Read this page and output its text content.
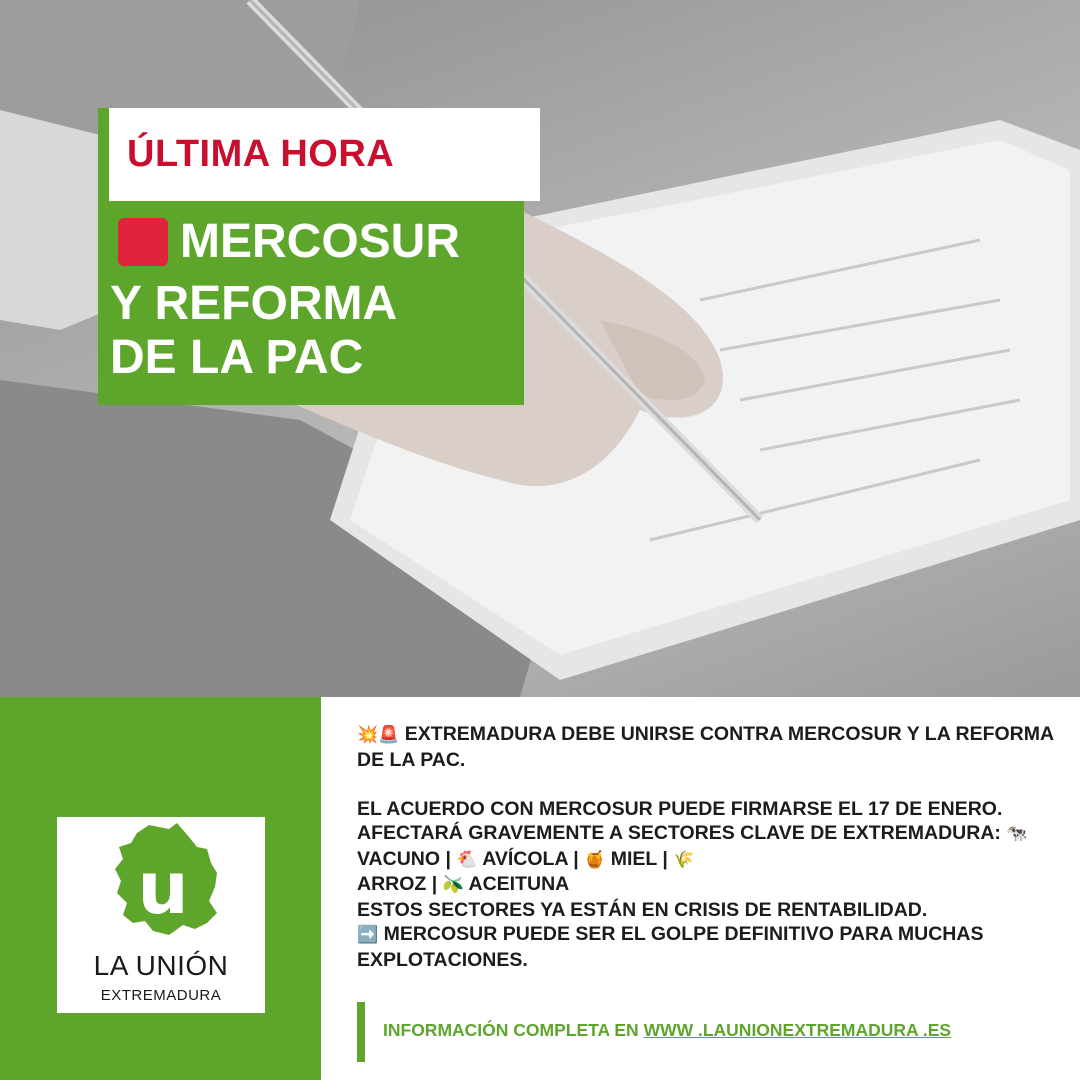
ÚLTIMA HORA
MERCOSUR
Y REFORMA
DE LA PAC
u
LA UNIÓN
EXTREMADURA

💥🚨 EXTREMADURA DEBE UNIRSE CONTRA MERCOSUR Y LA REFORMA DE LA PAC.

EL ACUERDO CON MERCOSUR PUEDE FIRMARSE EL 17 DE ENERO.

AFECTARÁ GRAVEMENTE A SECTORES CLAVE DE EXTREMADURA: 🐄 VACUNO | 🐔 AVÍCOLA | 🍯 MIEL | 🌾
ARROZ | 🫒 ACEITUNA

ESTOS SECTORES YA ESTÁN EN CRISIS DE RENTABILIDAD.

➡️ MERCOSUR PUEDE SER EL GOLPE DEFINITIVO PARA MUCHAS EXPLOTACIONES.

INFORMACIÓN COMPLETA EN WWW .LAUNIONEXTREMADURA .ES
